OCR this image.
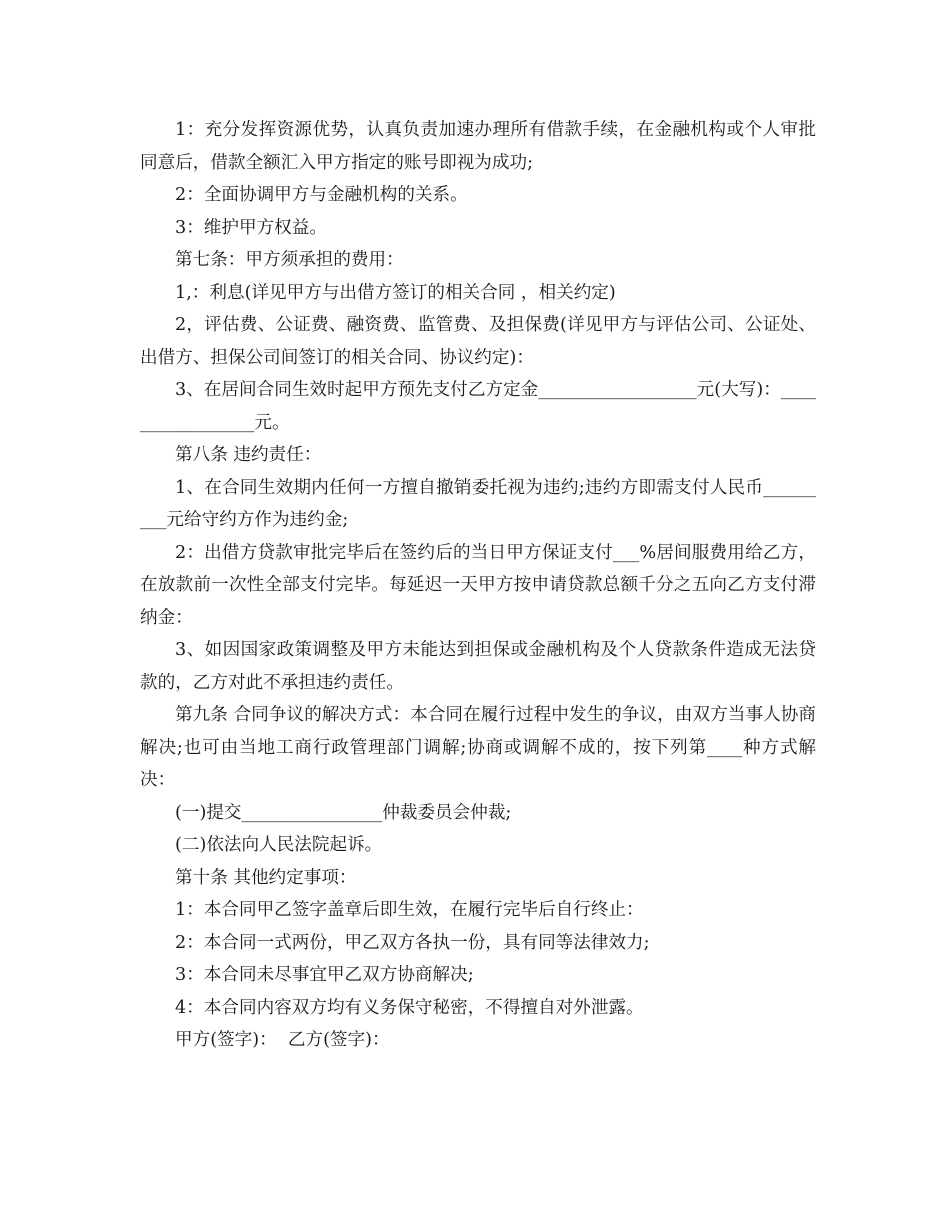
1：充分发挥资源优势，认真负责加速办理所有借款手续，在金融机构或个人审批同意后，借款全额汇入甲方指定的账号即视为成功;

2：全面协调甲方与金融机构的关系。

3：维护甲方权益。

第七条：甲方须承担的费用：

1,：利息(详见甲方与出借方签订的相关合同 ，相关约定)

2，评估费、公证费、融资费、监管费、及担保费(详见甲方与评估公司、公证处、出借方、担保公司间签订的相关合同、协议约定)：

3、在居间合同生效时起甲方预先支付乙方定金__________________元(大写)：_________________元。

第八条 违约责任：

1、在合同生效期内任何一方擅自撤销委托视为违约;违约方即需支付人民币_________元给守约方作为违约金;

2：出借方贷款审批完毕后在签约后的当日甲方保证支付___%居间服费用给乙方，在放款前一次性全部支付完毕。每延迟一天甲方按申请贷款总额千分之五向乙方支付滞纳金：

3、如因国家政策调整及甲方未能达到担保或金融机构及个人贷款条件造成无法贷款的，乙方对此不承担违约责任。

第九条 合同争议的解决方式：本合同在履行过程中发生的争议，由双方当事人协商解决;也可由当地工商行政管理部门调解;协商或调解不成的，按下列第____种方式解决：

(一)提交________________仲裁委员会仲裁;

(二)依法向人民法院起诉。

第十条 其他约定事项：

1：本合同甲乙签字盖章后即生效，在履行完毕后自行终止：

2：本合同一式两份，甲乙双方各执一份，具有同等法律效力;

3：本合同未尽事宜甲乙双方协商解决;

4：本合同内容双方均有义务保守秘密，不得擅自对外泄露。

甲方(签字)：  乙方(签字)：
